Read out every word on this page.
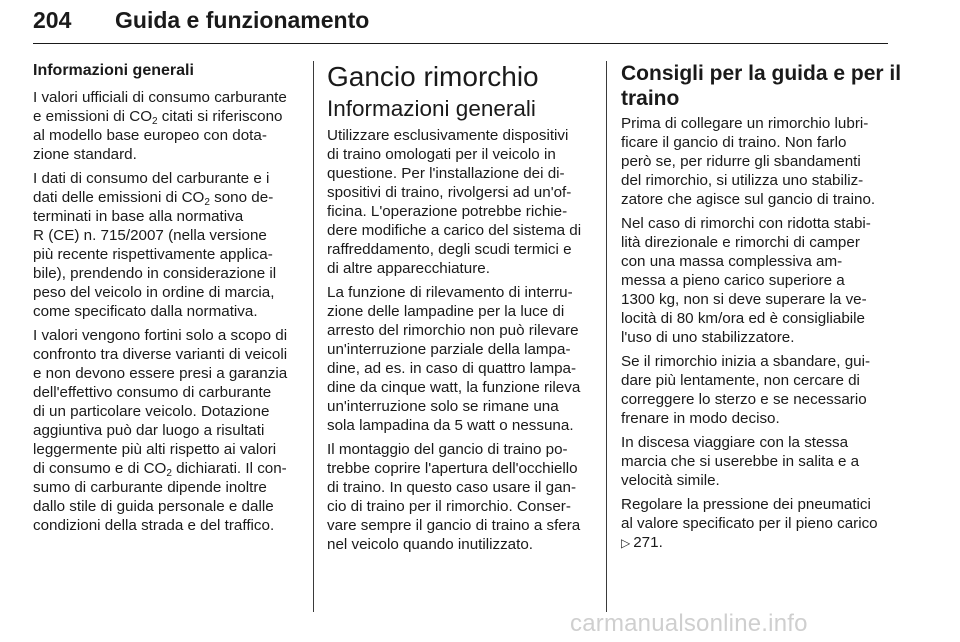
204 Guida e funzionamento
Informazioni generali

I valori ufficiali di consumo carburante
e emissioni di $CO_2$ citati si riferiscono
al modello base europeo con dota-
zione standard.

I dati di consumo del carburante e i
dati delle emissioni di $CO_2$ sono de-
terminati in base alla normativa
R (CE) n. 715/2007 (nella versione
più recente rispettivamente applica-
bile), prendendo in considerazione il
peso del veicolo in ordine di marcia,
come specificato dalla normativa.

I valori vengono fortini solo a scopo di
confronto tra diverse varianti di veicoli
e non devono essere presi a garanzia
dell'effettivo consumo di carburante
di un particolare veicolo. Dotazione
aggiuntiva può dar luogo a risultati
leggermente più alti rispetto ai valori
di consumo e di $CO_2$ dichiarati. Il con-
sumo di carburante dipende inoltre
dallo stile di guida personale e dalle
condizioni della strada e del traffico.

Gancio rimorchio
Informazioni generali

Utilizzare esclusivamente dispositivi
di traino omologati per il veicolo in
questione. Per l'installazione dei di-
spositivi di traino, rivolgersi ad un'of-
ficina. L'operazione potrebbe richie-
dere modifiche a carico del sistema di
raffreddamento, degli scudi termici e
di altre apparecchiature.

La funzione di rilevamento di interru-
zione delle lampadine per la luce di
arresto del rimorchio non può rilevare
un'interruzione parziale della lampa-
dine, ad es. in caso di quattro lampa-
dine da cinque watt, la funzione rileva
un'interruzione solo se rimane una
sola lampadina da 5 watt o nessuna.

Il montaggio del gancio di traino po-
trebbe coprire l'apertura dell'occhiello
di traino. In questo caso usare il gan-
cio di traino per il rimorchio. Conser-
vare sempre il gancio di traino a sfera
nel veicolo quando inutilizzato.

Consigli per la guida e per il
traino

Prima di collegare un rimorchio lubri-
ficare il gancio di traino. Non farlo
però se, per ridurre gli sbandamenti
del rimorchio, si utilizza uno stabiliz-
zatore che agisce sul gancio di traino.

Nel caso di rimorchi con ridotta stabi-
lità direzionale e rimorchi di camper
con una massa complessiva am-
messa a pieno carico superiore a
1300 kg, non si deve superare la ve-
locità di 80 km/ora ed è consigliabile
l'uso di uno stabilizzatore.

Se il rimorchio inizia a sbandare, gui-
dare più lentamente, non cercare di
correggere lo sterzo e se necessario
frenare in modo deciso.

In discesa viaggiare con la stessa
marcia che si userebbe in salita e a
velocità simile.

Regolare la pressione dei pneumatici
al valore specificato per il pieno carico
▷ 271.

carmanualsonline.info
